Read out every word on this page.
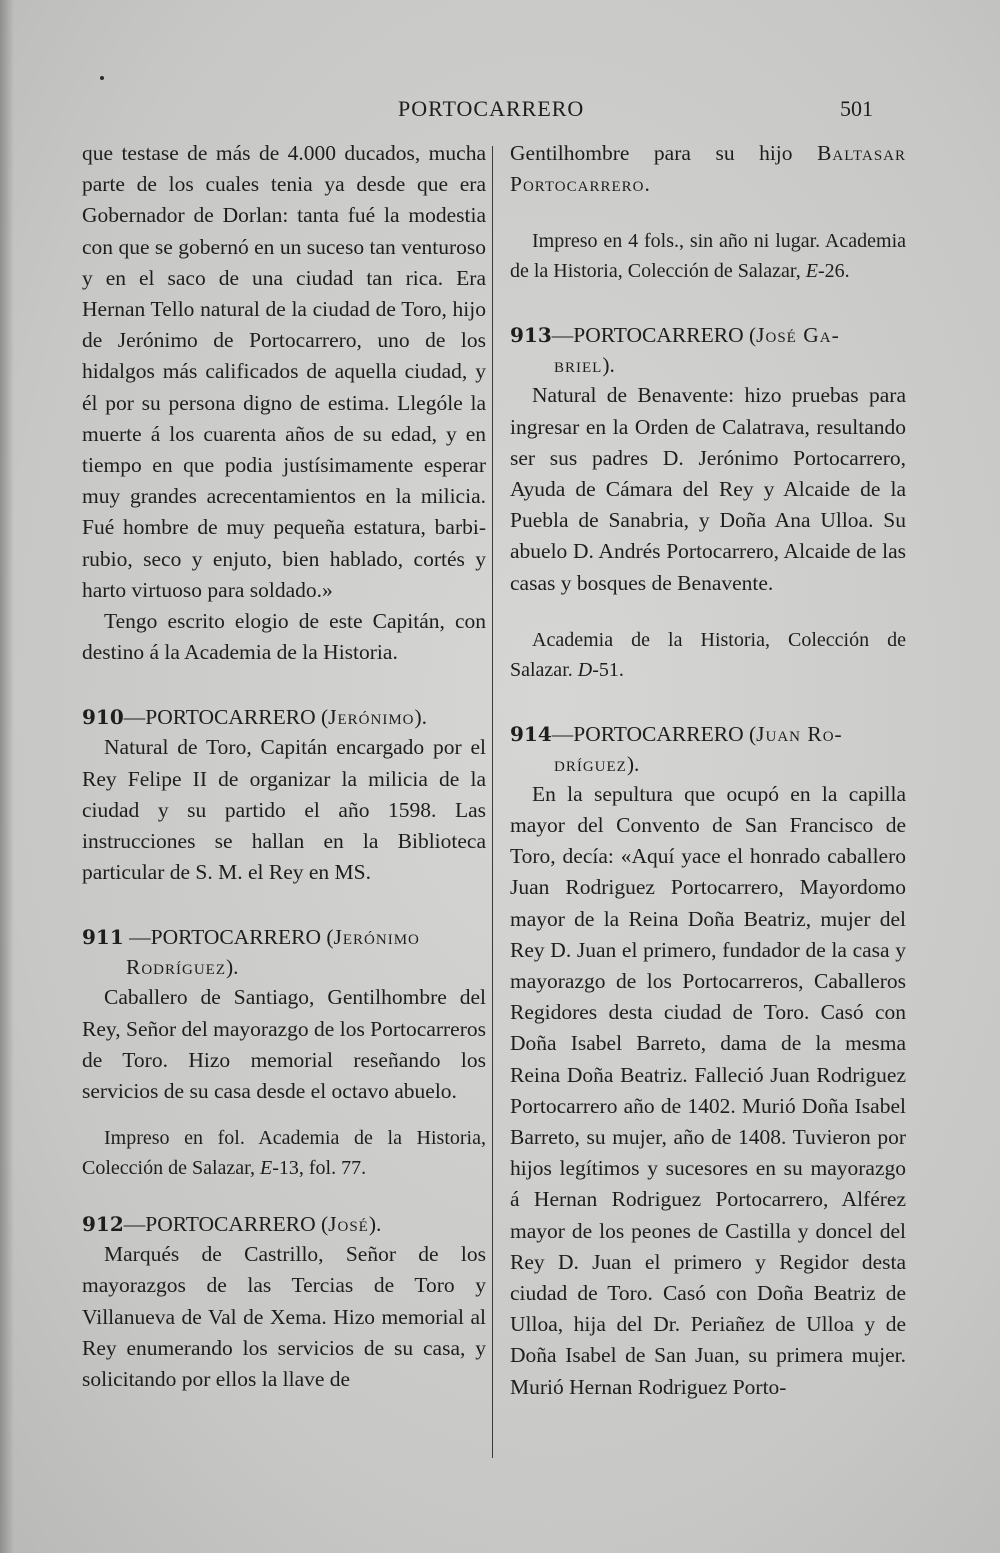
PORTOCARRERO	501

que testase de más de 4.000 ducados, mucha parte de los cuales tenia ya desde que era Gobernador de Dorlan: tanta fué la modestia con que se gobernó en un suceso tan venturoso y en el saco de una ciudad tan rica. Era Hernan Tello natural de la ciudad de Toro, hijo de Jerónimo de Portocarrero, uno de los hidalgos más calificados de aquella ciudad, y él por su persona digno de estima. Llególe la muerte á los cuarenta años de su edad, y en tiempo en que podia justísimamente esperar muy grandes acrecentamientos en la milicia. Fué hombre de muy pequeña estatura, barbi-rubio, seco y enjuto, bien hablado, cortés y harto virtuoso para soldado.»

Tengo escrito elogio de este Capitán, con destino á la Academia de la Historia.

910—PORTOCARRERO (Jerónimo).

Natural de Toro, Capitán encargado por el Rey Felipe II de organizar la milicia de la ciudad y su partido el año 1598. Las instrucciones se hallan en la Biblioteca particular de S. M. el Rey en MS.

911 —PORTOCARRERO (Jerónimo
Rodríguez).

Caballero de Santiago, Gentilhombre del Rey, Señor del mayorazgo de los Portocarreros de Toro. Hizo memorial reseñando los servicios de su casa desde el octavo abuelo.

Impreso en fol. Academia de la Historia, Colección de Salazar, E-13, fol. 77.

912—PORTOCARRERO (José).

Marqués de Castrillo, Señor de los mayorazgos de las Tercias de Toro y Villanueva de Val de Xema. Hizo memorial al Rey enumerando los servicios de su casa, y solicitando por ellos la llave de

Gentilhombre para su hijo Baltasar Portocarrero.

Impreso en 4 fols., sin año ni lugar. Academia de la Historia, Colección de Salazar, E-26.

913—PORTOCARRERO (José Ga-
briel).

Natural de Benavente: hizo pruebas para ingresar en la Orden de Calatrava, resultando ser sus padres D. Jerónimo Portocarrero, Ayuda de Cámara del Rey y Alcaide de la Puebla de Sanabria, y Doña Ana Ulloa. Su abuelo D. Andrés Portocarrero, Alcaide de las casas y bosques de Benavente.

Academia de la Historia, Colección de Salazar. D-51.

914—PORTOCARRERO (Juan Ro-
dríguez).

En la sepultura que ocupó en la capilla mayor del Convento de San Francisco de Toro, decía: «Aquí yace el honrado caballero Juan Rodriguez Portocarrero, Mayordomo mayor de la Reina Doña Beatriz, mujer del Rey D. Juan el primero, fundador de la casa y mayorazgo de los Portocarreros, Caballeros Regidores desta ciudad de Toro. Casó con Doña Isabel Barreto, dama de la mesma Reina Doña Beatriz. Falleció Juan Rodriguez Portocarrero año de 1402. Murió Doña Isabel Barreto, su mujer, año de 1408. Tuvieron por hijos legítimos y sucesores en su mayorazgo á Hernan Rodriguez Portocarrero, Alférez mayor de los peones de Castilla y doncel del Rey D. Juan el primero y Regidor desta ciudad de Toro. Casó con Doña Beatriz de Ulloa, hija del Dr. Periañez de Ulloa y de Doña Isabel de San Juan, su primera mujer. Murió Hernan Rodriguez Porto-
